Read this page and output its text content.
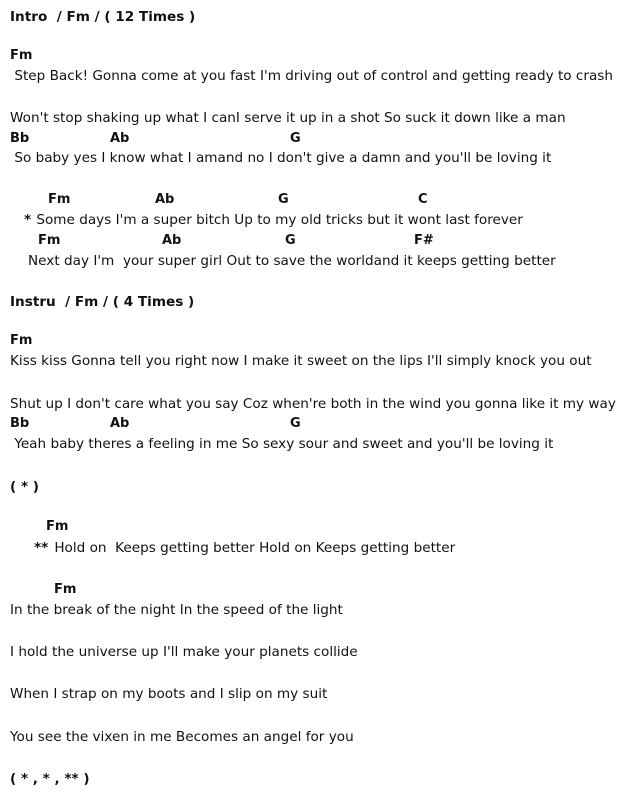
Intro  / Fm / ( 12 Times )
Fm
Step Back! Gonna come at you fast I'm driving out of control and getting ready to crash
Won't stop shaking up what I canI serve it up in a shot So suck it down like a man
Bb	Ab	G
So baby yes I know what I amand no I don't give a damn and you'll be loving it
Fm	Ab	G	C
* Some days I'm a super bitch Up to my old tricks but it wont last forever
Fm	Ab	G	F#
Next day I'm  your super girl Out to save the worldand it keeps getting better
Instru  / Fm / ( 4 Times )
Fm
Kiss kiss Gonna tell you right now I make it sweet on the lips I'll simply knock you out
Shut up I don't care what you say Coz when're both in the wind you gonna like it my way
Bb	Ab	G
Yeah baby theres a feeling in me So sexy sour and sweet and you'll be loving it
( * )
Fm
** Hold on  Keeps getting better Hold on Keeps getting better
Fm
In the break of the night In the speed of the light
I hold the universe up I'll make your planets collide
When I strap on my boots and I slip on my suit
You see the vixen in me Becomes an angel for you
( * , * , ** )
